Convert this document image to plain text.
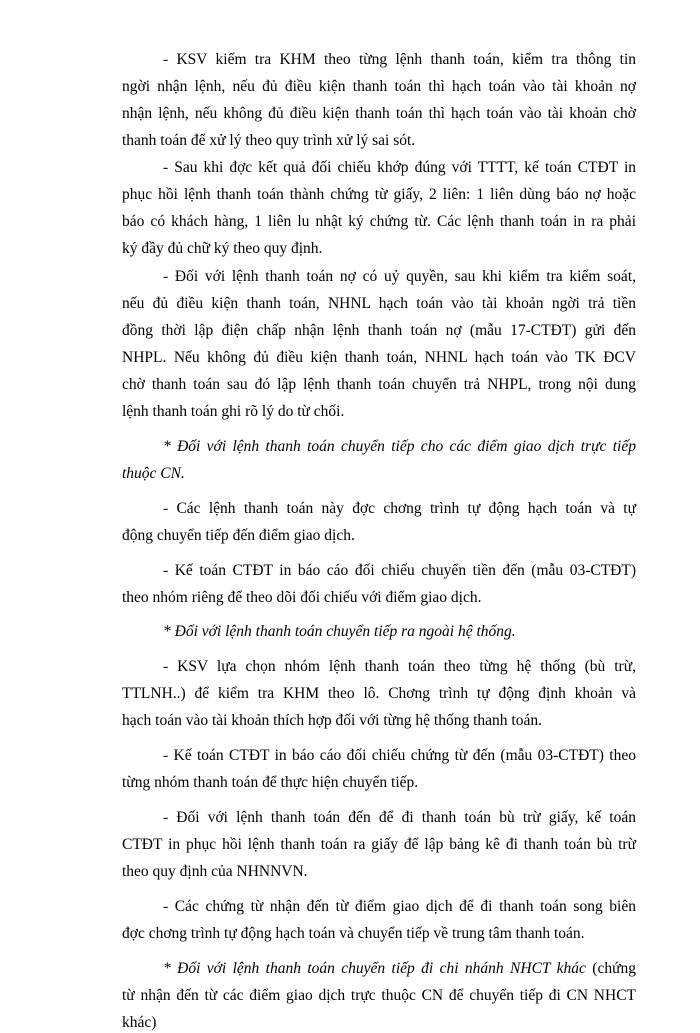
- KSV kiểm tra KHM theo từng lệnh thanh toán, kiểm tra thông tin
ngời nhận lệnh, nếu đủ điều kiện thanh toán thì hạch toán vào tài khoản nợ
nhận lệnh, nếu không đủ điều kiện thanh toán thì hạch toán vào tài khoản chờ
thanh toán để xử lý theo quy trình xử lý sai sót.
- Sau khi đợc kết quả đối chiếu khớp đúng với TTTT, kế toán CTĐT in
phục hồi lệnh thanh toán thành chứng từ giấy, 2 liên: 1 liên dùng báo nợ hoặc
báo có khách hàng, 1 liên lu nhật ký chứng từ. Các lệnh thanh toán in ra phải
ký đầy đủ chữ ký theo quy định.
- Đối với lệnh thanh toán nợ có uỷ quyền, sau khi kiểm tra kiểm soát,
nếu đủ điều kiện thanh toán, NHNL hạch toán vào tài khoản ngời trả tiền
đồng thời lập điện chấp nhận lệnh thanh toán nợ (mẫu 17-CTĐT) gửi đến
NHPL. Nếu không đủ điều kiện thanh toán, NHNL hạch toán vào TK ĐCV
chờ thanh toán sau đó lập lệnh thanh toán chuyển trả NHPL, trong nội dung
lệnh thanh toán ghi rõ lý do từ chối.
* Đối với lệnh thanh toán chuyển tiếp cho các điểm giao dịch trực tiếp
thuộc CN.
- Các lệnh thanh toán này đợc chơng trình tự động hạch toán và tự
động chuyển tiếp đến điểm giao dịch.
- Kế toán CTĐT in báo cáo đối chiếu chuyển tiền đến (mẫu 03-CTĐT)
theo nhóm riêng để theo dõi đối chiếu với điểm giao dịch.
* Đối với lệnh thanh toán chuyển tiếp ra ngoài hệ thống.
- KSV lựa chọn nhóm lệnh thanh toán theo từng hệ thống (bù trừ,
TTLNH..) để kiểm tra KHM theo lô. Chơng trình tự động định khoản và
hạch toán vào tài khoản thích hợp đối với từng hệ thống thanh toán.
- Kế toán CTĐT in báo cáo đối chiếu chứng từ đến (mẫu 03-CTĐT) theo
từng nhóm thanh toán để thực hiện chuyển tiếp.
- Đối với lệnh thanh toán đến để đi thanh toán bù trừ giấy, kế toán
CTĐT in phục hồi lệnh thanh toán ra giấy để lập bảng kê đi thanh toán bù trừ
theo quy định của NHNNVN.
- Các chứng từ nhận đến từ điểm giao dịch để đi thanh toán song biên
đợc chơng trình tự động hạch toán và chuyển tiếp về trung tâm thanh toán.
* Đối với lệnh thanh toán chuyển tiếp đi chi nhánh NHCT khác (chứng
từ nhận đến từ các điểm giao dịch trực thuộc CN để chuyển tiếp đi CN NHCT
khác)
